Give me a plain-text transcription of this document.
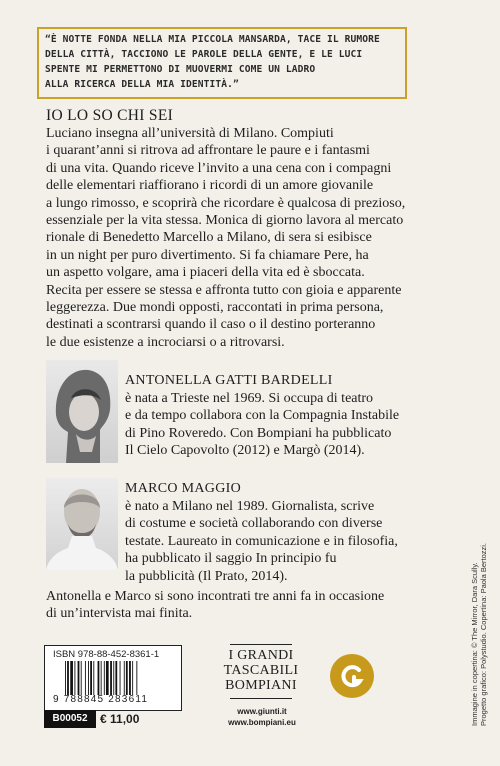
“È NOTTE FONDA NELLA MIA PICCOLA MANSARDA, TACE IL RUMORE
DELLA CITTÀ, TACCIONO LE PAROLE DELLA GENTE, E LE LUCI
SPENTE MI PERMETTONO DI MUOVERMI COME UN LADRO
ALLA RICERCA DELLA MIA IDENTITÀ.”
IO LO SO CHI SEI
Luciano insegna all’università di Milano. Compiuti
i quarant’anni si ritrova ad affrontare le paure e i fantasmi
di una vita. Quando riceve l’invito a una cena con i compagni
delle elementari riaffiorano i ricordi di un amore giovanile
a lungo rimosso, e scoprirà che ricordare è qualcosa di prezioso,
essenziale per la vita stessa. Monica di giorno lavora al mercato
rionale di Benedetto Marcello a Milano, di sera si esibisce
in un night per puro divertimento. Si fa chiamare Pere, ha
un aspetto volgare, ama i piaceri della vita ed è sboccata.
Recita per essere se stessa e affronta tutto con gioia e apparente
leggerezza. Due mondi opposti, raccontati in prima persona,
destinati a scontrarsi quando il caso o il destino porteranno
le due esistenze a incrociarsi o a ritrovarsi.
ANTONELLA GATTI BARDELLI
è nata a Trieste nel 1969. Si occupa di teatro
e da tempo collabora con la Compagnia Instabile
di Pino Roveredo. Con Bompiani ha pubblicato
Il Cielo Capovolto (2012) e Margò (2014).
MARCO MAGGIO
è nato a Milano nel 1989. Giornalista, scrive
di costume e società collaborando con diverse
testate. Laureato in comunicazione e in filosofia,
ha pubblicato il saggio In principio fu
la pubblicità (Il Prato, 2014).
Antonella e Marco si sono incontrati tre anni fa in occasione
di un’intervista mai finita.
ISBN 978-88-452-8361-1
9 788845 283611
B00052	€ 11,00
I GRANDI
TASCABILI
BOMPIANI
www.giunti.it
www.bompiani.eu	Immagine in copertina: © The Mirror, Dara Scully. Progetto grafico: Polystudio. Copertina: Paola Bertozzi.
